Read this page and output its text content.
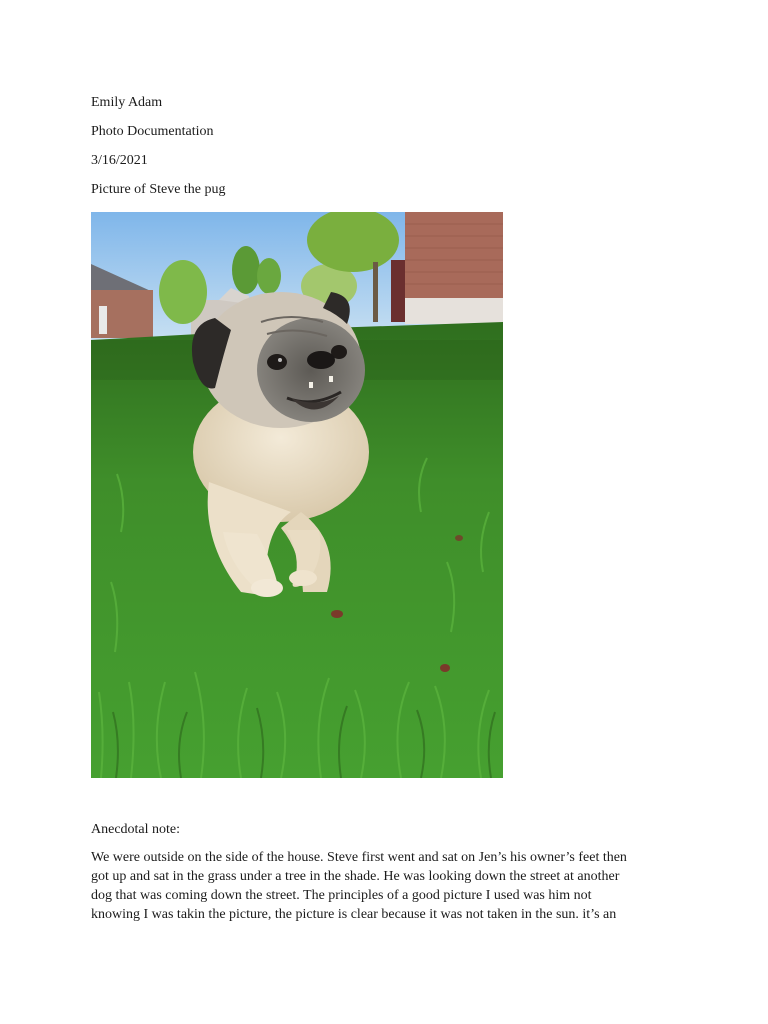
Emily Adam
Photo Documentation
3/16/2021
Picture of Steve the pug
Anecdotal note:
We were outside on the side of the house. Steve first went and sat on Jen’s his owner’s feet then
got up and sat in the grass under a tree in the shade. He was looking down the street at another
dog that was coming down the street. The principles of a good picture I used was him not
knowing I was takin the picture, the picture is clear because it was not taken in the sun. it’s an
